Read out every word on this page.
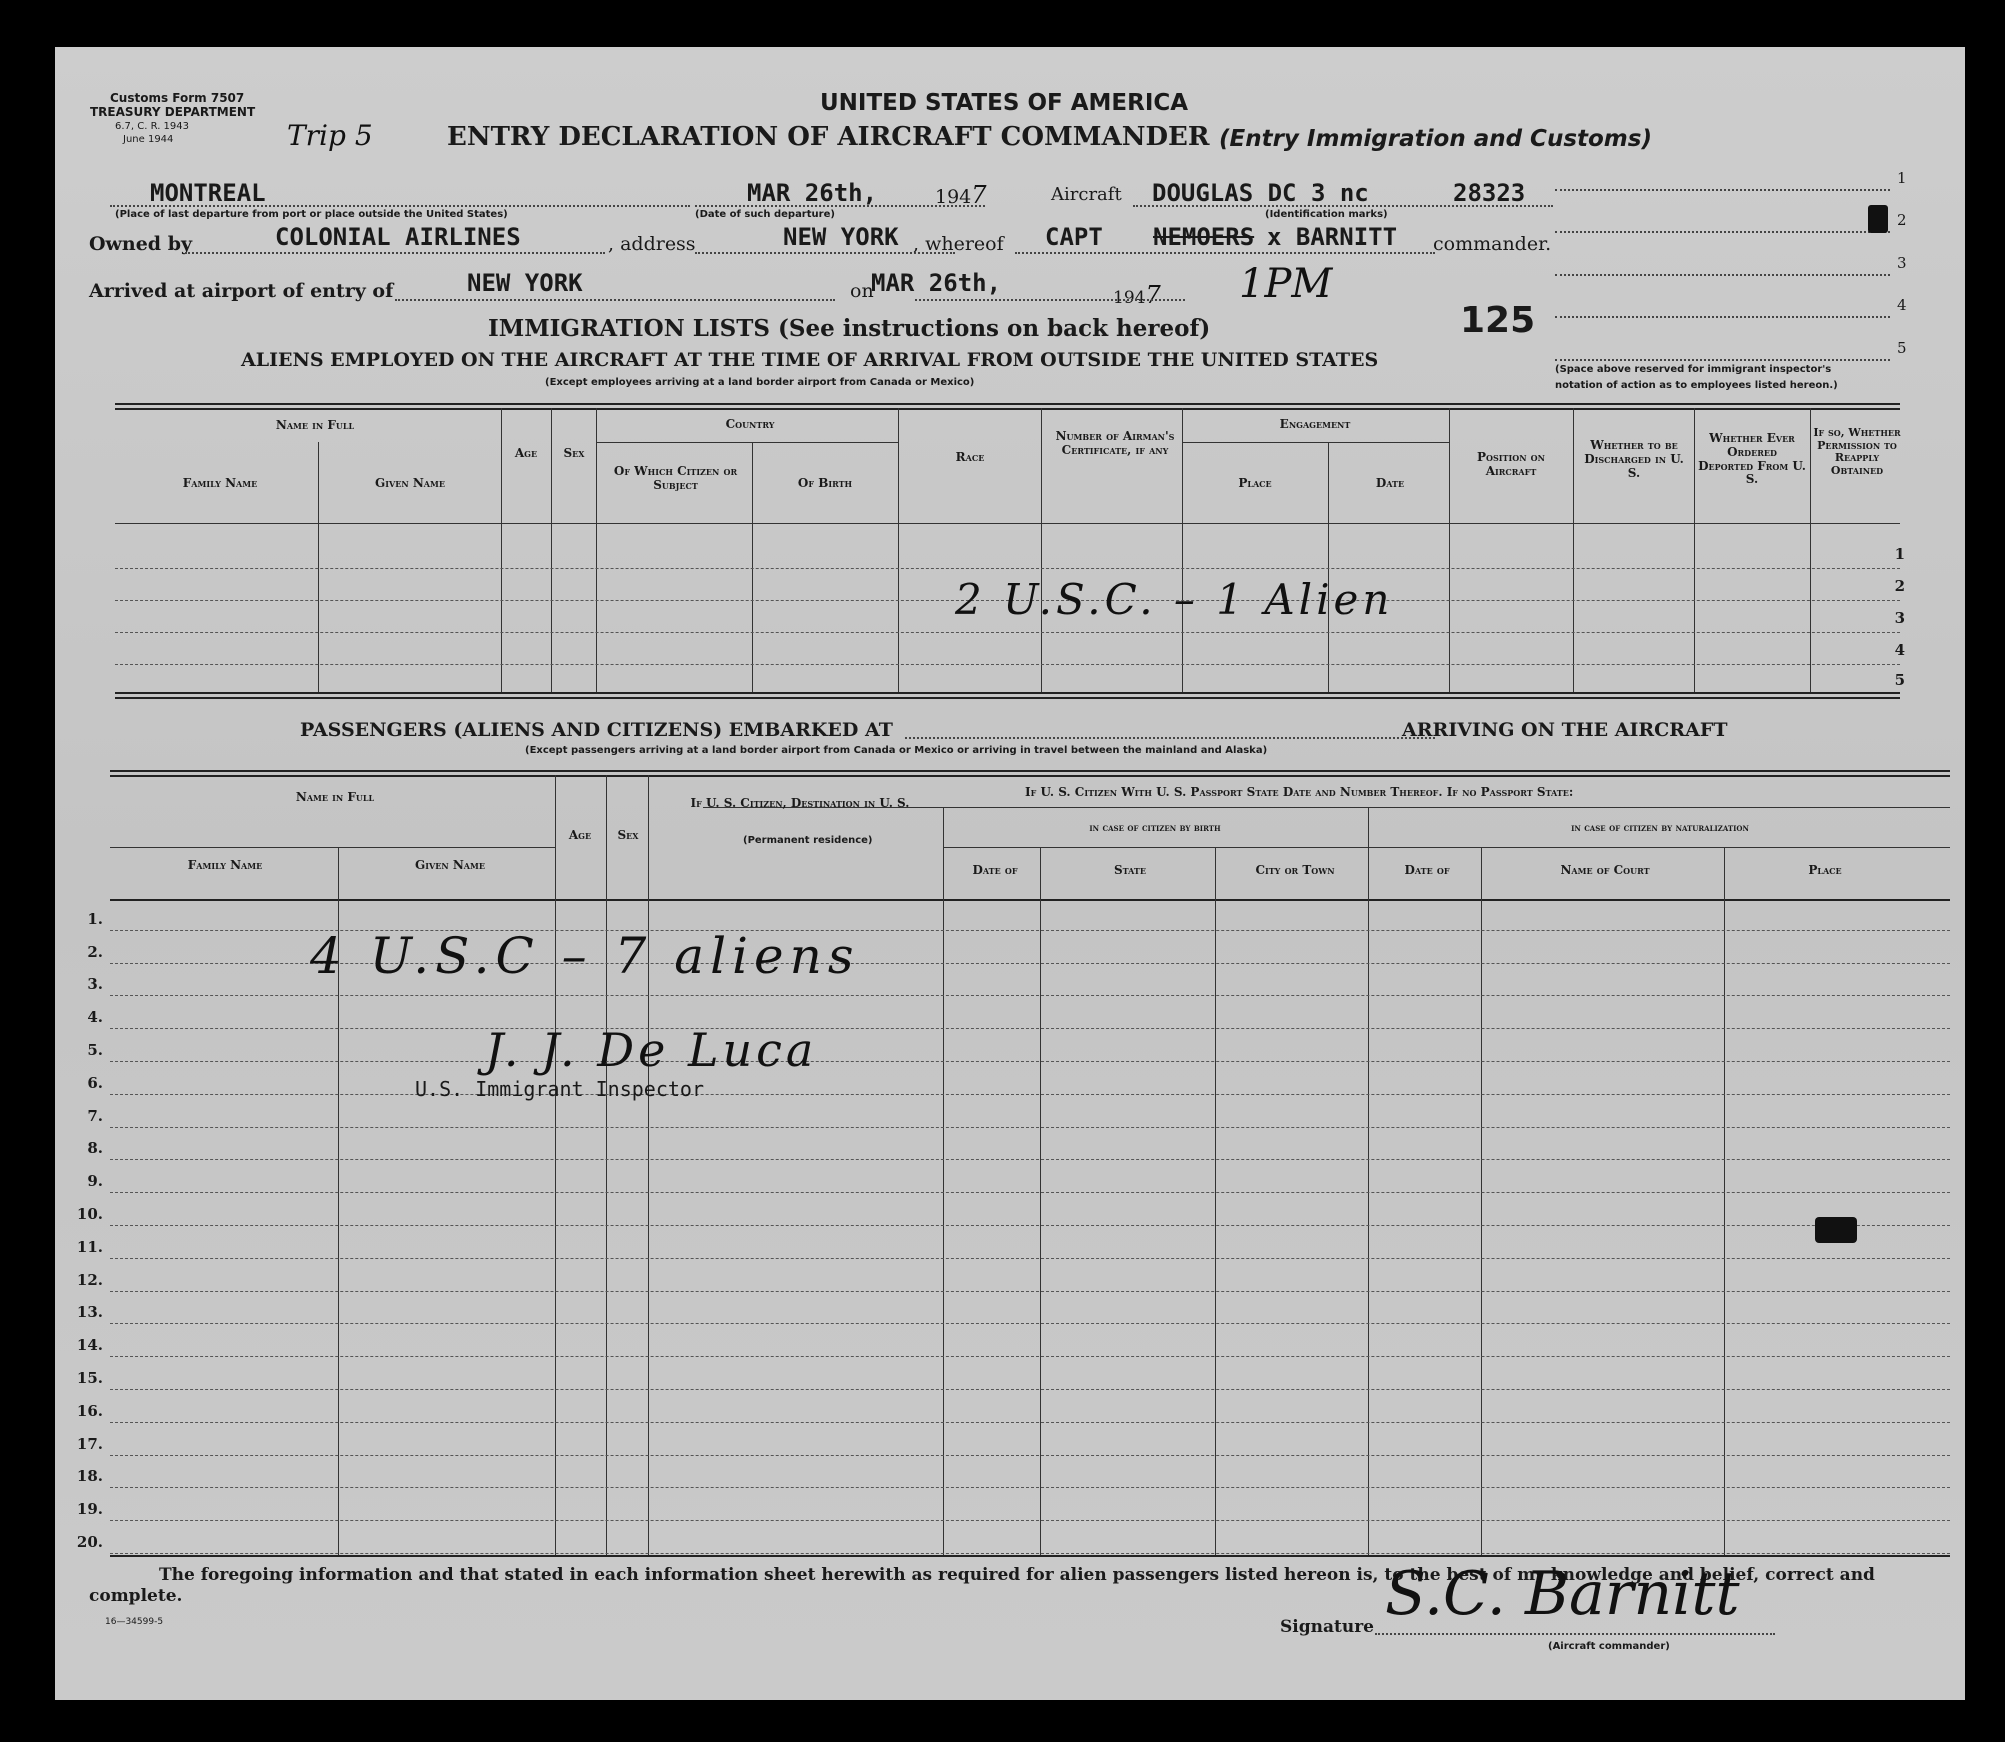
Customs Form 7507
TREASURY DEPARTMENT
6.7, C. R. 1943
June 1944	Trip 5
UNITED STATES OF AMERICA
ENTRY DECLARATION OF AIRCRAFT COMMANDER (Entry Immigration and Customs)
1
2
3
4
5
MONTREAL
(Place of last departure from port or place outside the United States)
MAR 26th,
(Date of such departure)
1947	Aircraft DOUGLAS DC 3 nc	28323
(Identification marks)
Owned by	COLONIAL AIRLINES	, address	NEW YORK , whereof CAPT NEMOERS x BARNITT commander.
Arrived at airport of entry of	NEW YORK	on
MAR 26th,
1947 1PM
125
IMMIGRATION LISTS (See instructions on back hereof)
ALIENS EMPLOYED ON THE AIRCRAFT AT THE TIME OF ARRIVAL FROM OUTSIDE THE UNITED STATES
(Except employees arriving at a land border airport from Canada or Mexico)
(Space above reserved for immigrant inspector's
notation of action as to employees listed hereon.)
Name in Full
Family Name	Given Name
Age	Sex
Country
Of Which Citizen or Subject	Of Birth
Race
Number of Airman's Certificate, if any
Engagement
Place	Date
Position on Aircraft
Whether to be Discharged in U. S.
Whether Ever Ordered Deported From U. S.
If so, Whether Permission to Reapply Obtained
1
2
3
4
5
2 U.S.C. – 1 Alien
PASSENGERS (ALIENS AND CITIZENS) EMBARKED AT	ARRIVING ON THE AIRCRAFT
(Except passengers arriving at a land border airport from Canada or Mexico or arriving in travel between the mainland and Alaska)
Name in Full
Family Name	Given Name
Age	Sex
If U. S. Citizen, Destination in U. S.
(Permanent residence)
If U. S. Citizen With U. S. Passport State Date and Number Thereof. If no Passport State:
in case of citizen by birth	in case of citizen by naturalization
Date of	State	City or Town	Date of	Name of Court	Place
1.
2.
3.
4.
5.
6.
7.
8.
9.
10.
11.
12.
13.
14.
15.
16.
17.
18.
19.
20.
4 U.S.C – 7 aliens
J. J. De Luca
U.S. Immigrant Inspector
The foregoing information and that stated in each information sheet herewith as required for alien passengers listed hereon is, to the best of my knowledge and belief, correct and complete.
16—34599-5	Signature S.C. Barnitt
(Aircraft commander)
